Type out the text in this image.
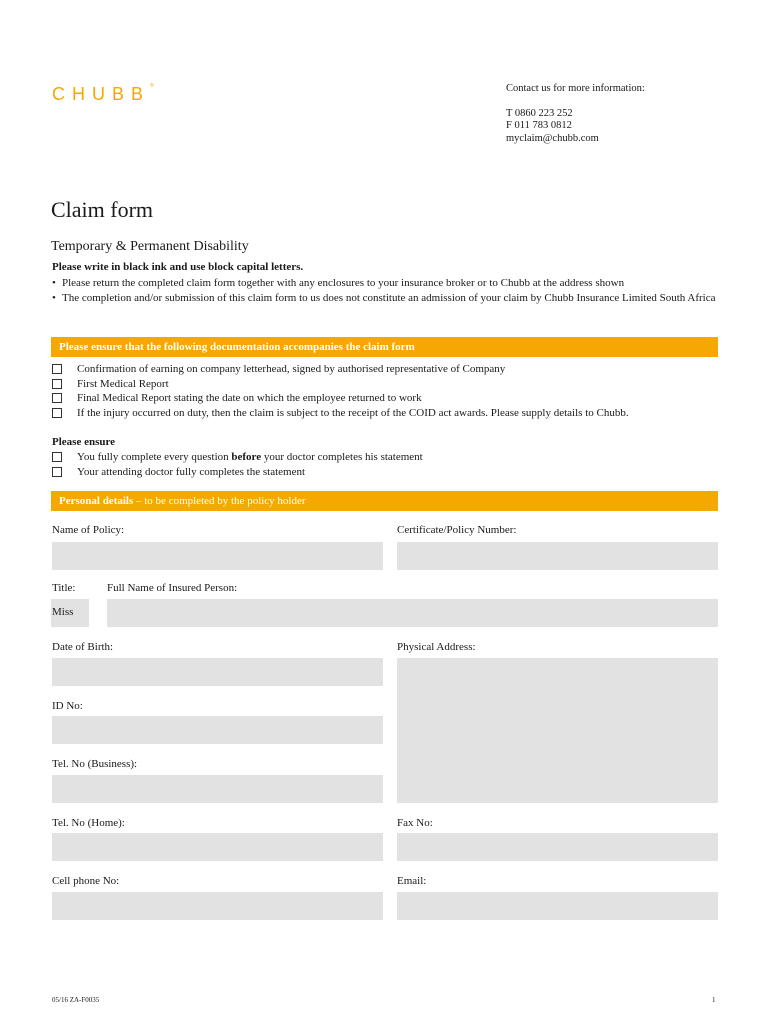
CHUBB®	Contact us for more information:
T 0860 223 252
F 011 783 0812
myclaim@chubb.com
Claim form
Temporary & Permanent Disability
Please write in black ink and use block capital letters.
• Please return the completed claim form together with any enclosures to your insurance broker or to Chubb at the address shown
• The completion and/or submission of this claim form to us does not constitute an admission of your claim by Chubb Insurance Limited South Africa
Please ensure that the following documentation accompanies the claim form
Confirmation of earning on company letterhead, signed by authorised representative of Company
First Medical Report
Final Medical Report stating the date on which the employee returned to work
If the injury occurred on duty, then the claim is subject to the receipt of the COID act awards. Please supply details to Chubb.
Please ensure
You fully complete every question before your doctor completes his statement
Your attending doctor fully completes the statement
Personal details – to be completed by the policy holder
Name of Policy:	Certificate/Policy Number:
Title:
Miss
Full Name of Insured Person:
Date of Birth:	Physical Address:
ID No:
Tel. No (Business):
Tel. No (Home):	Fax No:
Cell phone No:	Email:
05/16 ZA-F0035	1
